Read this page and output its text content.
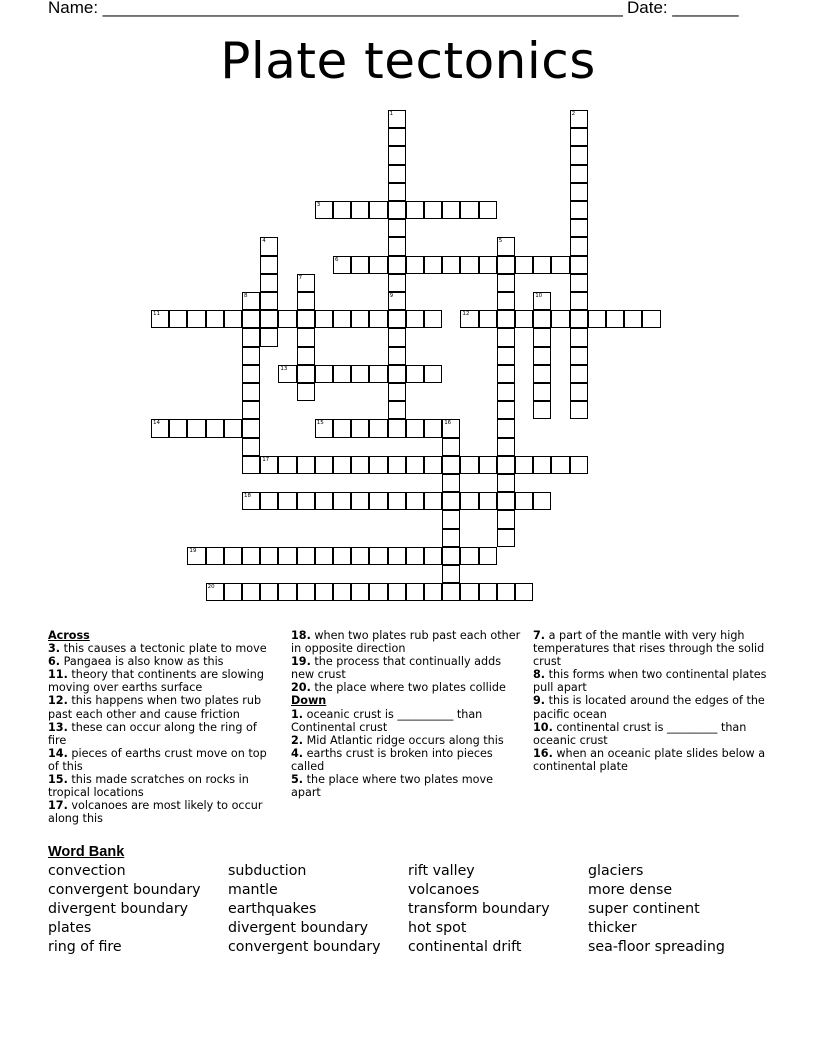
Name: _______________________________________________________ Date: _______
Plate tectonics
1
9
2
3
4	5
6
7
8	10
11	12
13
14	15	16
17
18
19
20
Across
3. this causes a tectonic plate to move
6. Pangaea is also know as this
11. theory that continents are slowing moving over earths surface
12. this happens when two plates rub past each other and cause friction
13. these can occur along the ring of fire
14. pieces of earths crust move on top of this
15. this made scratches on rocks in tropical locations
17. volcanoes are most likely to occur along this
18. when two plates rub past each other in opposite direction
19. the process that continually adds new crust
20. the place where two plates collide
Down
1. oceanic crust is __________ than Continental crust
2. Mid Atlantic ridge occurs along this
4. earths crust is broken into pieces called
5. the place where two plates move apart
7. a part of the mantle with very high temperatures that rises through the solid crust
8. this forms when two continental plates pull apart
9. this is located around the edges of the pacific ocean
10. continental crust is _________ than oceanic crust
16. when an oceanic plate slides below a continental plate
Word Bank
convection
convergent boundary
divergent boundary
plates
ring of fire
subduction
mantle
earthquakes
divergent boundary
convergent boundary
rift valley
volcanoes
transform boundary
hot spot
continental drift
glaciers
more dense
super continent
thicker
sea-floor spreading
